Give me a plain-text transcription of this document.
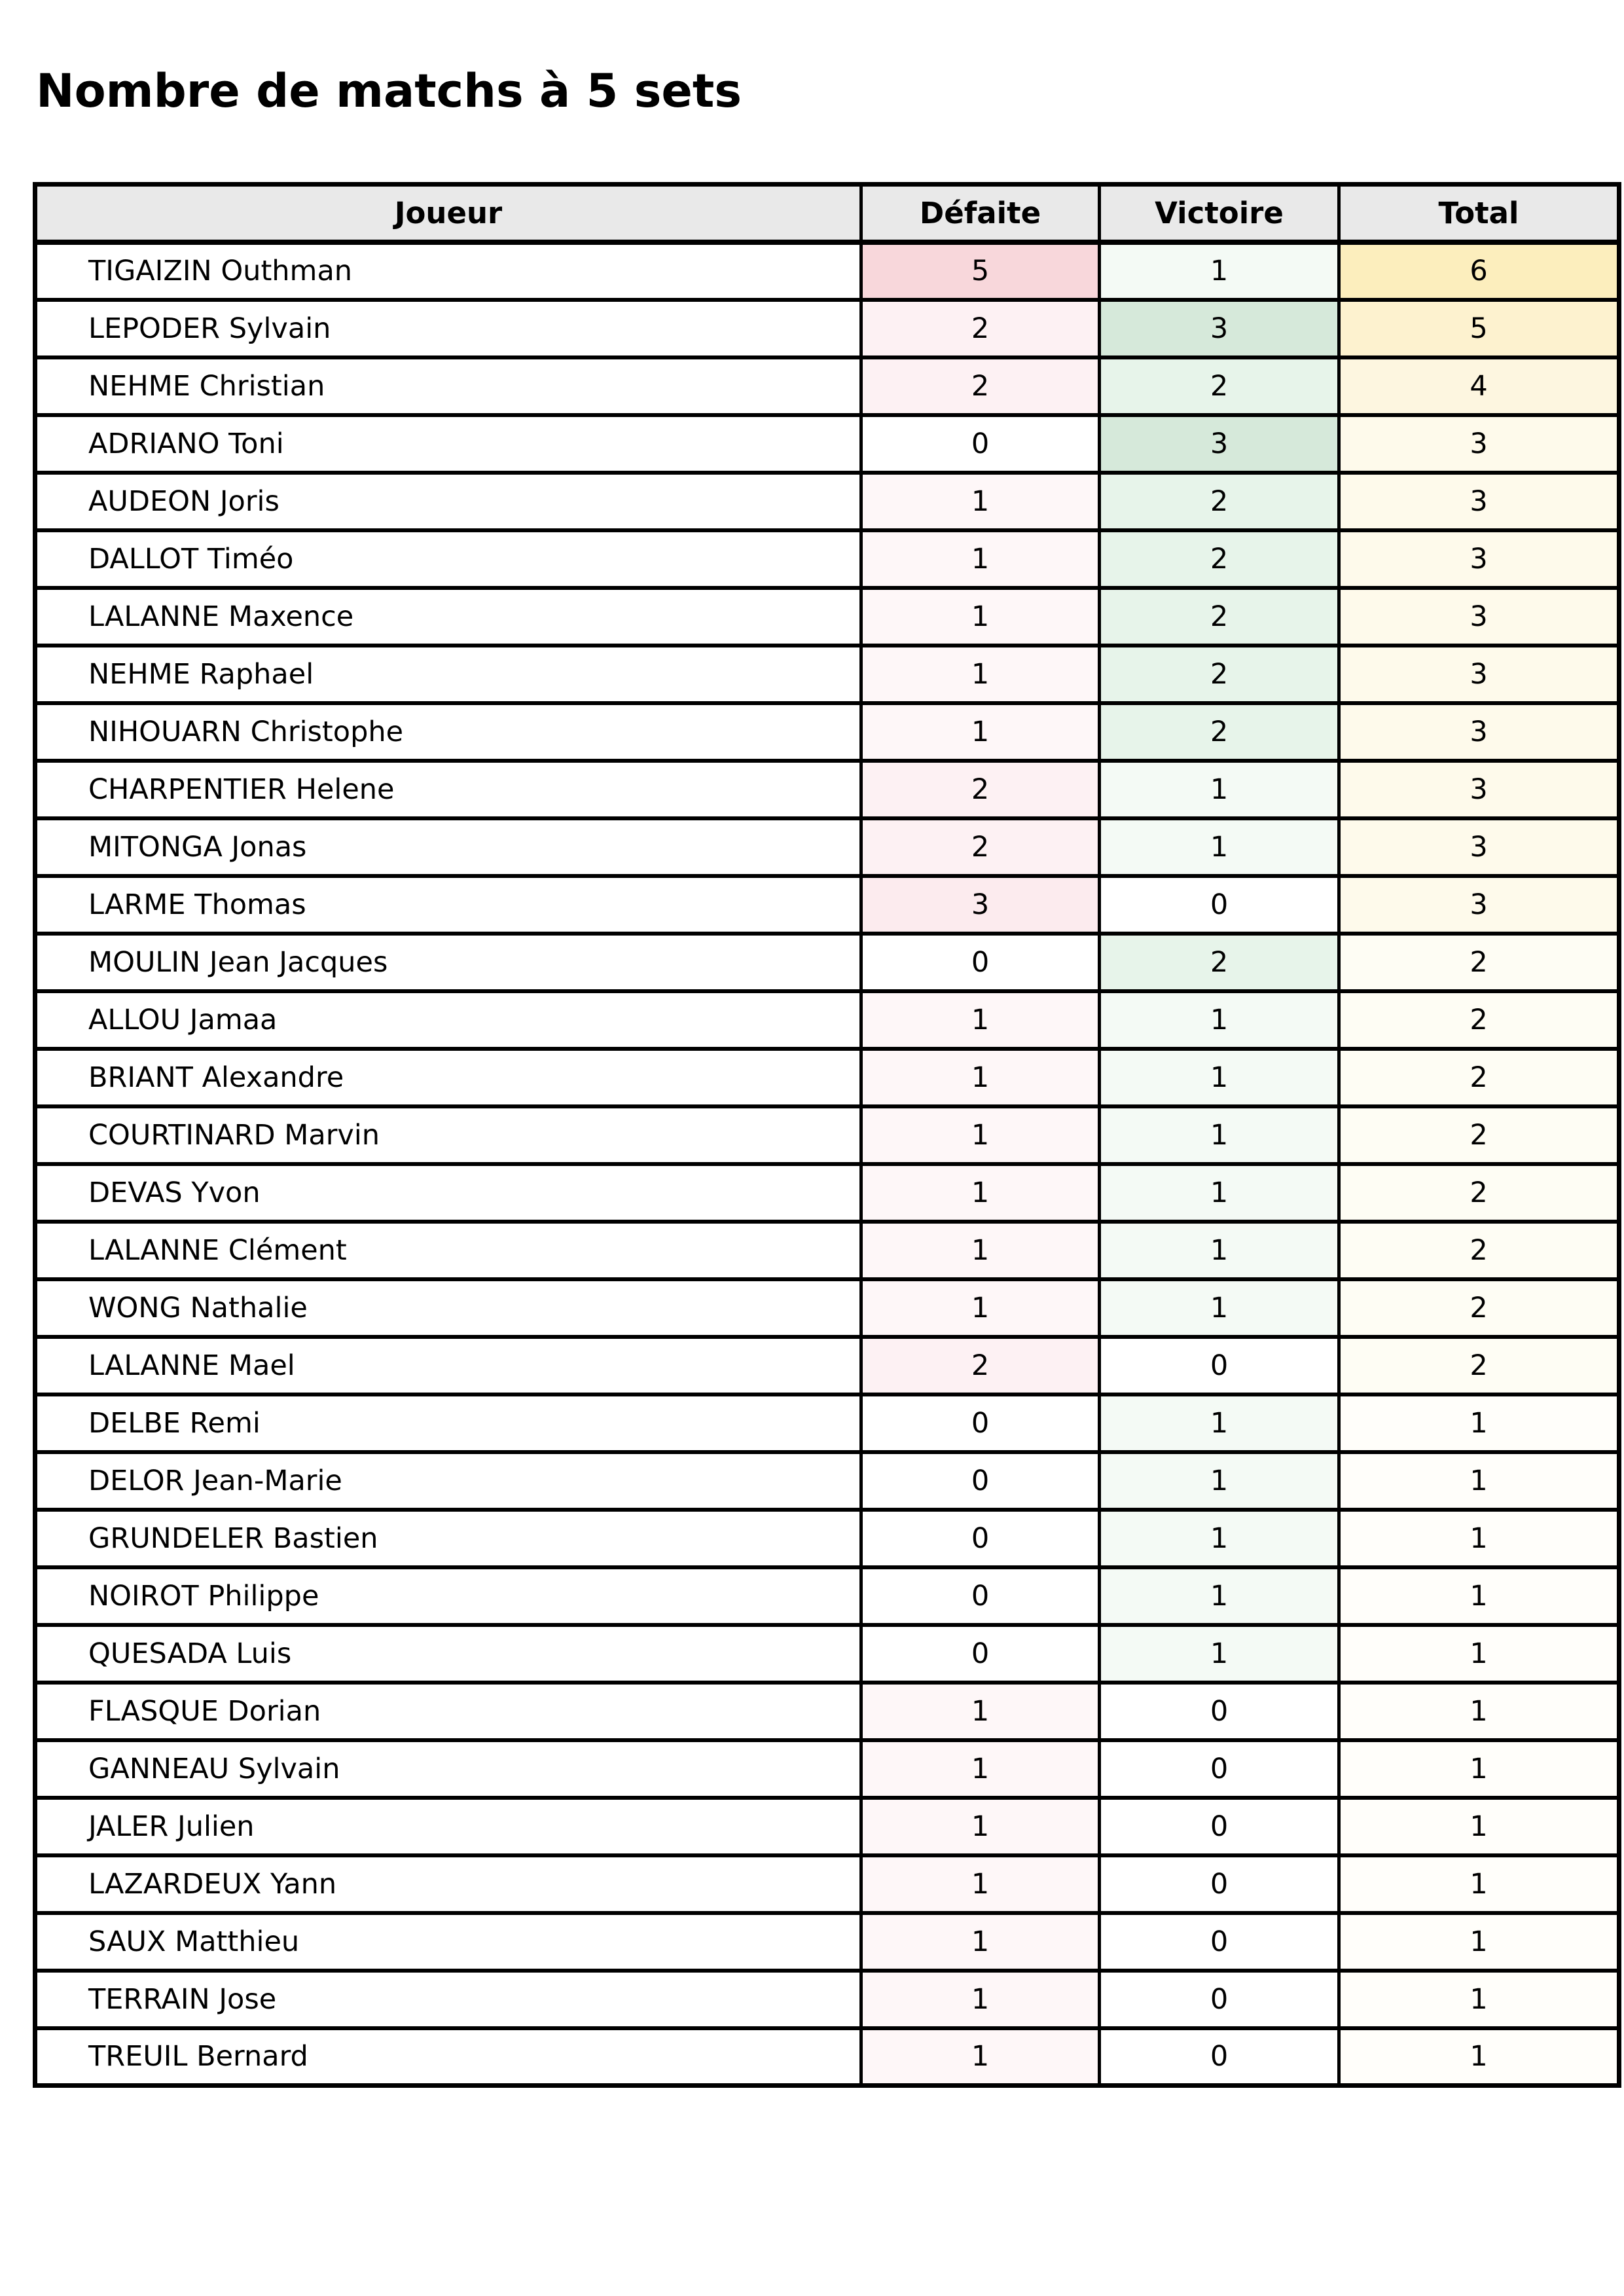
Nombre de matchs à 5 sets
Joueur	Défaite	Victoire	Total
TIGAIZIN Outhman	5	1	6
LEPODER Sylvain	2	3	5
NEHME Christian	2	2	4
ADRIANO Toni	0	3	3
AUDEON Joris	1	2	3
DALLOT Timéo	1	2	3
LALANNE Maxence	1	2	3
NEHME Raphael	1	2	3
NIHOUARN Christophe	1	2	3
CHARPENTIER Helene	2	1	3
MITONGA Jonas	2	1	3
LARME Thomas	3	0	3
MOULIN Jean Jacques	0	2	2
ALLOU Jamaa	1	1	2
BRIANT Alexandre	1	1	2
COURTINARD Marvin	1	1	2
DEVAS Yvon	1	1	2
LALANNE Clément	1	1	2
WONG Nathalie	1	1	2
LALANNE Mael	2	0	2
DELBE Remi	0	1	1
DELOR Jean-Marie	0	1	1
GRUNDELER Bastien	0	1	1
NOIROT Philippe	0	1	1
QUESADA Luis	0	1	1
FLASQUE Dorian	1	0	1
GANNEAU Sylvain	1	0	1
JALER Julien	1	0	1
LAZARDEUX Yann	1	0	1
SAUX Matthieu	1	0	1
TERRAIN Jose	1	0	1
TREUIL Bernard	1	0	1
